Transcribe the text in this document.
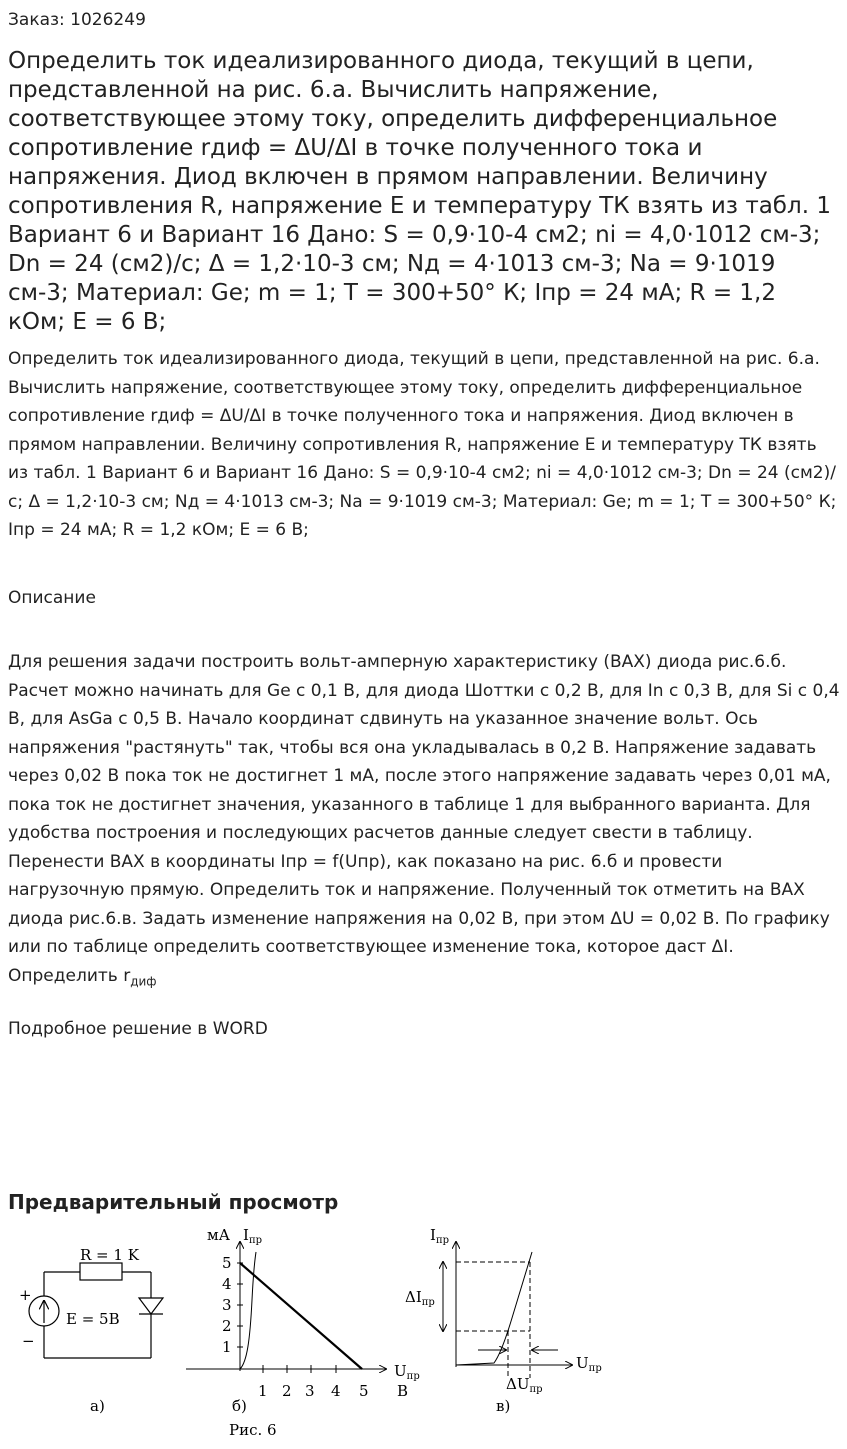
Заказ: 1026249
Определить ток идеализированного диода, текущий в цепи, представленной на рис. 6.а. Вычислить напряжение, соответствующее этому току, определить дифференциальное сопротивление rдиф = ΔU/ΔI в точке полученного тока и напряжения. Диод включен в прямом направлении. Величину сопротивления R, напряжение E и температуру ТК взять из табл. 1 Вариант 6 и Вариант 16 Дано: S = 0,9·10-4 см2; ni = 4,0·1012 см-3; Dn = 24 (см2)/с; Δ = 1,2·10-3 см; Nд = 4·1013 см-3; Na = 9·1019 см-3; Материал: Ge; m = 1; T = 300+50° К; Iпр = 24 мА; R = 1,2 кОм; E = 6 В;
Определить ток идеализированного диода, текущий в цепи, представленной на рис. 6.а. Вычислить напряжение, соответствующее этому току, определить дифференциальное сопротивление rдиф = ΔU/ΔI в точке полученного тока и напряжения. Диод включен в прямом направлении. Величину сопротивления R, напряжение E и температуру ТК взять из табл. 1 Вариант 6 и Вариант 16 Дано: S = 0,9·10-4 см2; ni = 4,0·1012 см-3; Dn = 24 (см2)/с; Δ = 1,2·10-3 см; Nд = 4·1013 см-3; Na = 9·1019 см-3; Материал: Ge; m = 1; T = 300+50° К; Iпр = 24 мА; R = 1,2 кОм; E = 6 В;
Описание
Для решения задачи построить вольт-амперную характеристику (ВАХ) диода рис.6.б. Расчет можно начинать для Ge с 0,1 В, для диода Шоттки с 0,2 В, для In с 0,3 В, для Si с 0,4 В, для AsGa с 0,5 В. Начало координат сдвинуть на указанное значение вольт. Ось напряжения "растянуть" так, чтобы вся она укладывалась в 0,2 В. Напряжение задавать через 0,02 В пока ток не достигнет 1 мА, после этого напряжение задавать через 0,01 мА, пока ток не достигнет значения, указанного в таблице 1 для выбранного варианта. Для удобства построения и последующих расчетов данные следует свести в таблицу. Перенести ВАХ в координаты Iпр = f(Uпр), как показано на рис. 6.б и провести нагрузочную прямую. Определить ток и напряжение. Полученный ток отметить на ВАХ диода рис.6.в. Задать изменение напряжения на 0,02 В, при этом ΔU = 0,02 В. По графику или по таблице определить соответствующее изменение тока, которое даст ΔI. Определить $r_{диф}$
Подробное решение в WORD
Предварительный просмотр
R = 1 K
E = 5B
+
−
а)
мА $I_{пр}$
5
4
3
2
1
1 2 3 4 5
$U_{пр}$
В
б)
Рис. 6
$I_{пр}$
$U_{пр}$
$\Delta I_{пр}$
$\Delta U_{пр}$
в)
